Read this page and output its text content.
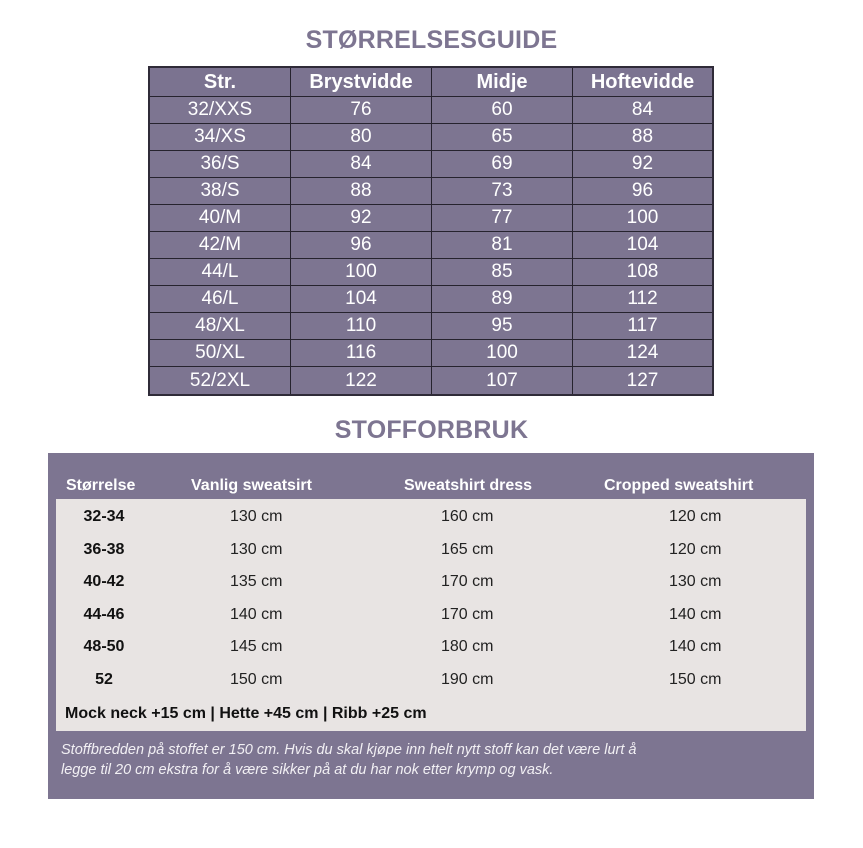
STØRRELSESGUIDE
Str.	Brystvidde	Midje	Hoftevidde
32/XXS	76	60	84
34/XS	80	65	88
36/S	84	69	92
38/S	88	73	96
40/M	92	77	100
42/M	96	81	104
44/L	100	85	108
46/L	104	89	112
48/XL	110	95	117
50/XL	116	100	124
52/2XL	122	107	127
STOFFORBRUK
Størrelse	Vanlig sweatsirt	Sweatshirt dress	Cropped sweatshirt
52	150 cm	190 cm	150 cm
48-50	145 cm	180 cm	140 cm
44-46	140 cm	170 cm	140 cm
40-42	135 cm	170 cm	130 cm
36-38	130 cm	165 cm	120 cm
32-34	130 cm	160 cm	120 cm
Mock neck +15 cm | Hette +45 cm | Ribb +25 cm
Stoffbredden på stoffet er 150 cm. Hvis du skal kjøpe inn helt nytt stoff kan det være lurt å
legge til 20 cm ekstra for å være sikker på at du har nok etter krymp og vask.
